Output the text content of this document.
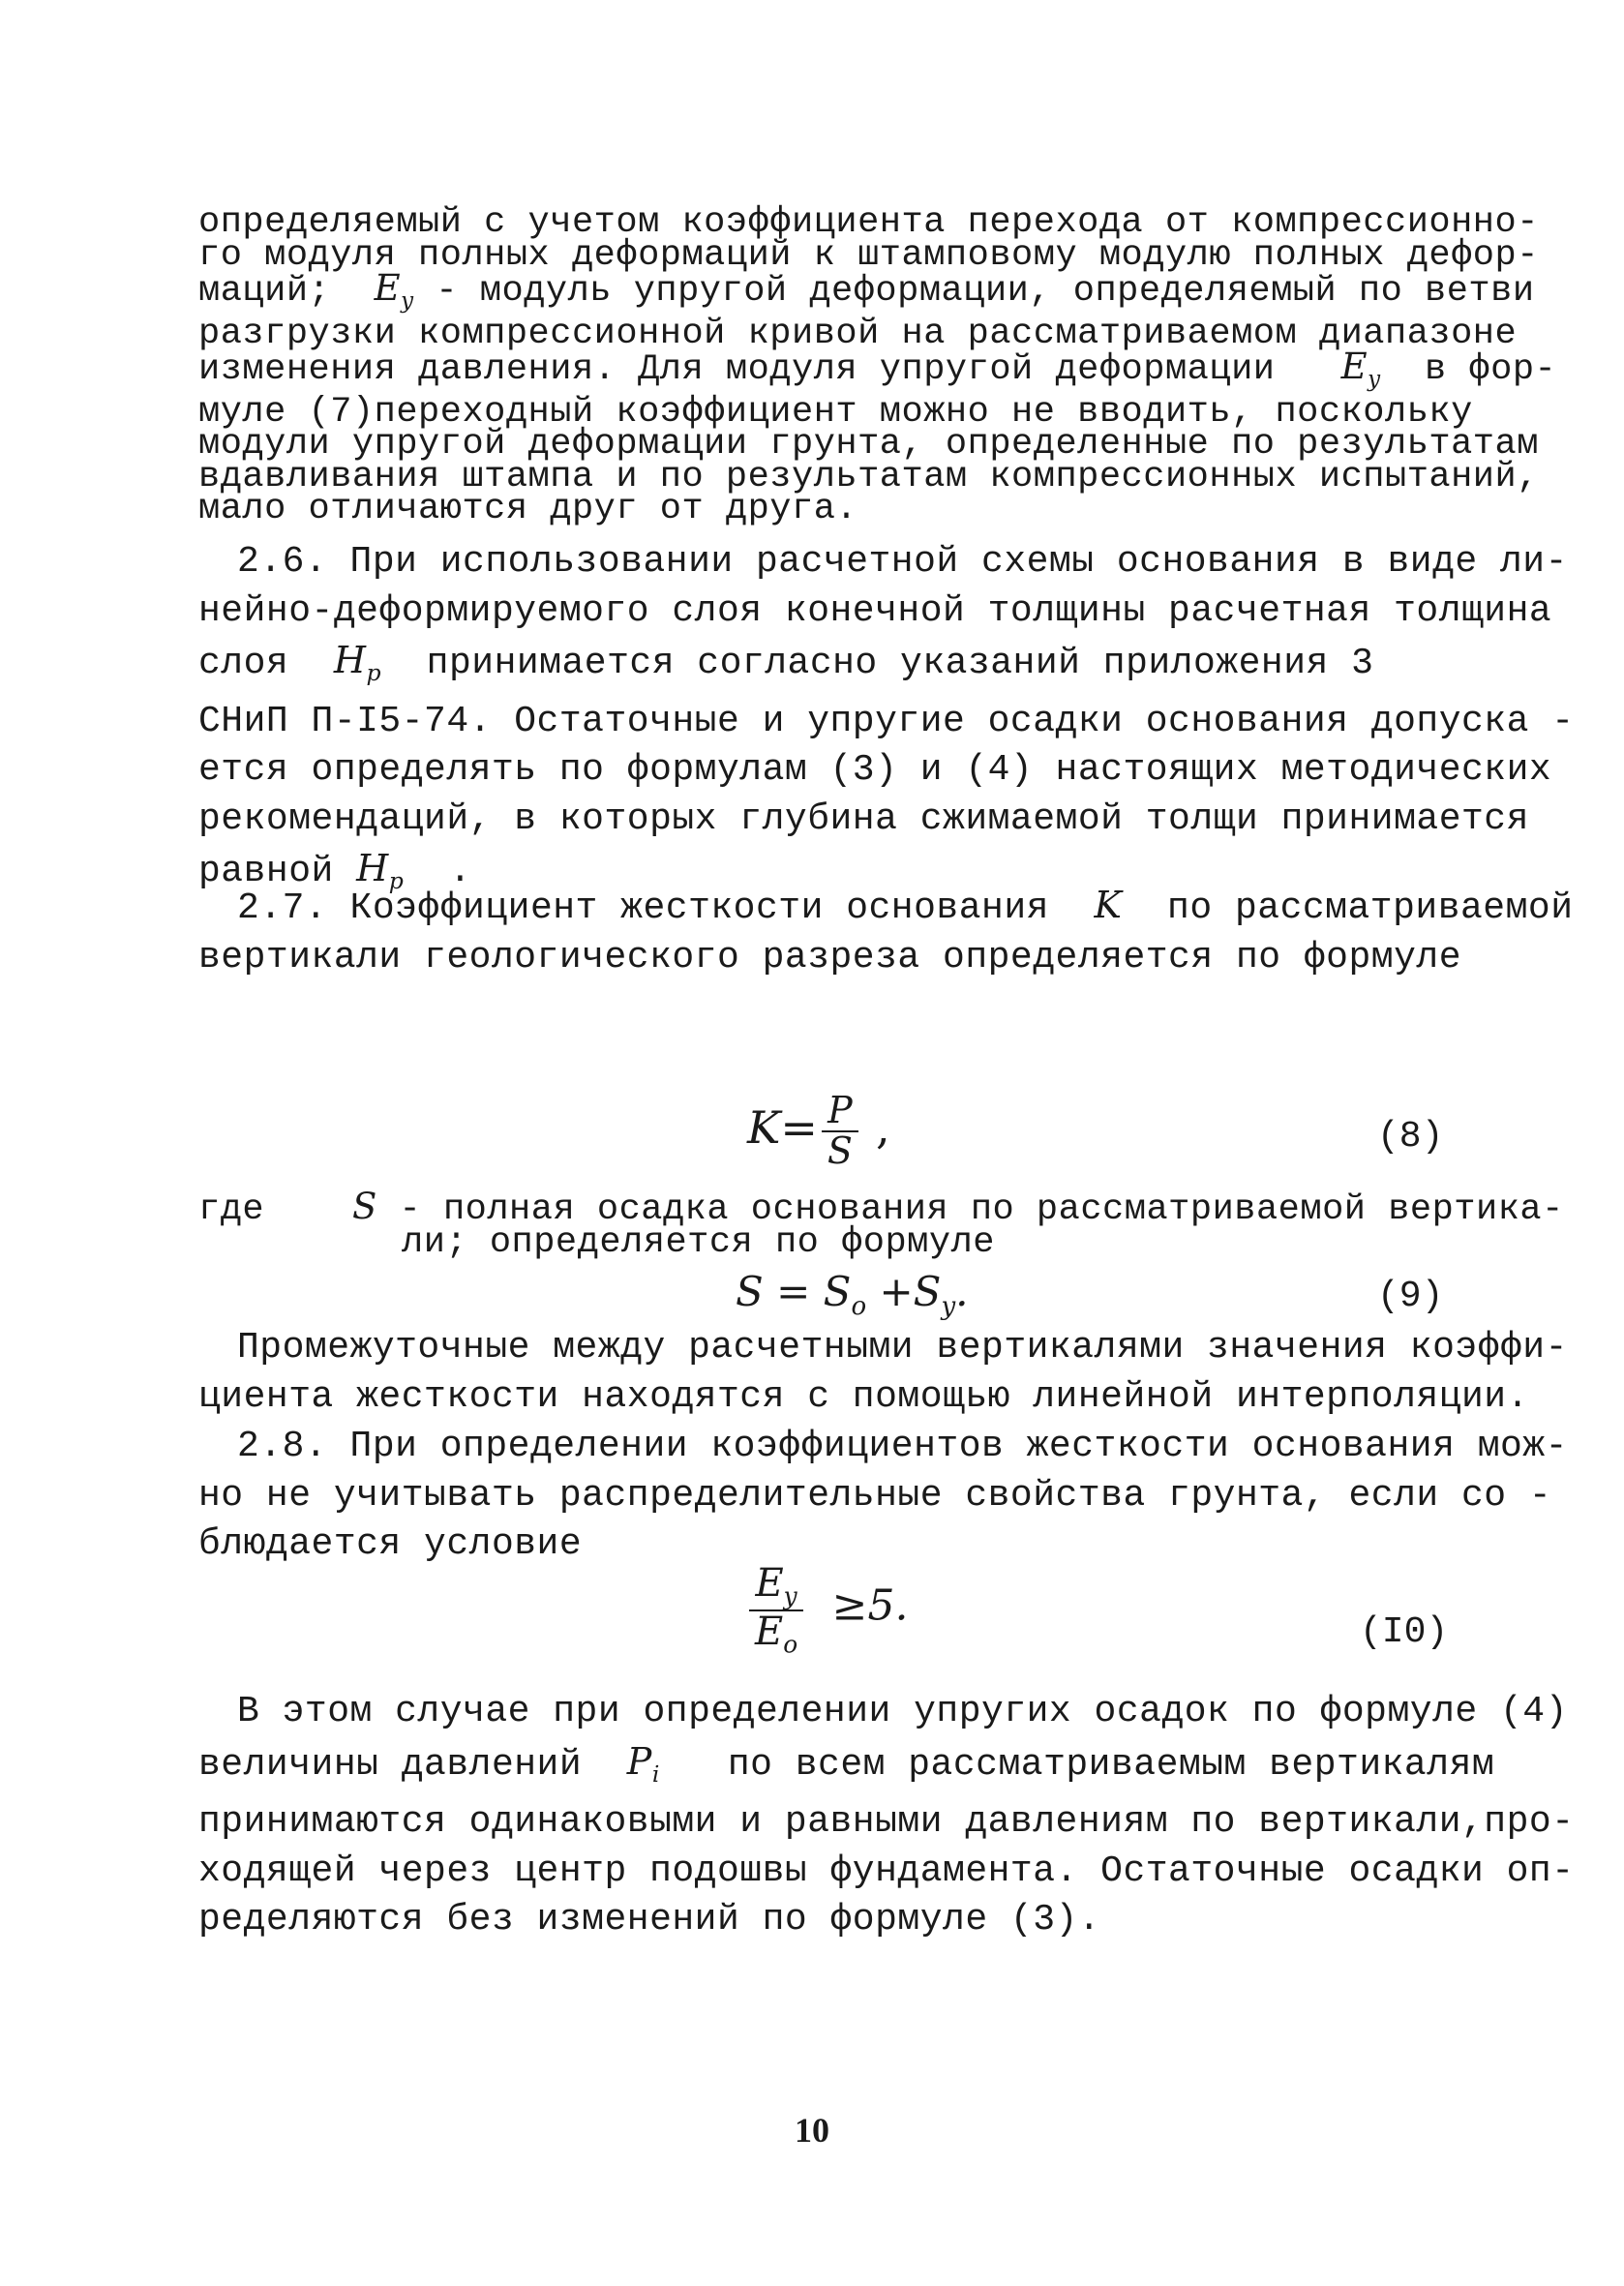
определяемый с учетом коэффициента перехода от компрессионно-
го модуля полных деформаций к штамповому модулю полных дефор-
маций; $E_y$ - модуль упругой деформации, определяемый по ветви
разгрузки компрессионной кривой на рассматриваемом диапазоне
изменения давления. Для модуля упругой деформации $E_y$ в фор-
муле (7)переходный коэффициент можно не вводить, поскольку
модули упругой деформации грунта, определенные по результатам
вдавливания штампа и по результатам компрессионных испытаний,
мало отличаются друг от друга.
2.6. При использовании расчетной схемы основания в виде ли-
нейно-деформируемого слоя конечной толщины расчетная толщина
слоя $H_p$ принимается согласно указаний приложения 3
СНиП П-I5-74. Остаточные и упругие осадки основания допуска -
ется определять по формулам (3) и (4) настоящих методических
рекомендаций, в которых глубина сжимаемой толщи принимается
равной $H_p$ .
2.7. Коэффициент жесткости основания K по рассматриваемой
вертикали геологического разреза определяется по формуле
$K= \frac{P}{S}$ ,	(8)
где S - полная осадка основания по рассматриваемой вертика-
ли; определяется по формуле
$S = S_o +S_y$.	(9)
Промежуточные между расчетными вертикалями значения коэффи-
циента жесткости находятся с помощью линейной интерполяции.
2.8. При определении коэффициентов жесткости основания мож-
но не учитывать распределительные свойства грунта, если со -
блюдается условие
$\frac{E_y}{E_o} \ge 5$.
(I0)
В этом случае при определении упругих осадок по формуле (4)
величины давлений $P_i$ по всем рассматриваемым вертикалям
принимаются одинаковыми и равными давлениям по вертикали,про-
ходящей через центр подошвы фундамента. Остаточные осадки оп-
ределяются без изменений по формуле (3).
10
